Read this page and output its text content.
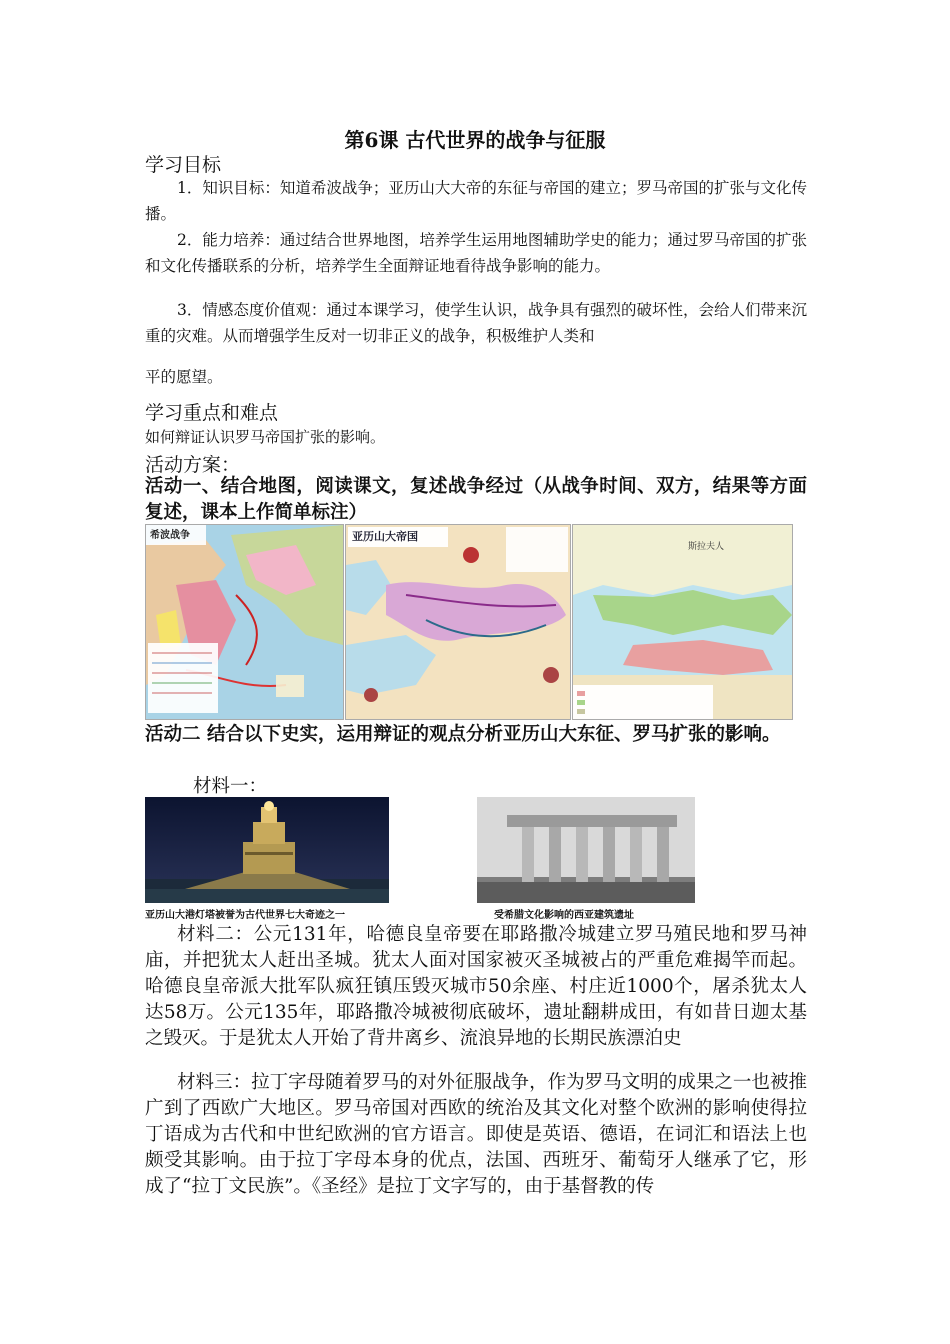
第6课 古代世界的战争与征服
学习目标

1．知识目标：知道希波战争；亚历山大大帝的东征与帝国的建立；罗马帝国的扩张与文化传播。

2．能力培养：通过结合世界地图，培养学生运用地图辅助学史的能力；通过罗马帝国的扩张和文化传播联系的分析，培养学生全面辩证地看待战争影响的能力。

3．情感态度价值观：通过本课学习，使学生认识，战争具有强烈的破坏性，会给人们带来沉重的灾难。从而增强学生反对一切非正义的战争，积极维护人类和

平的愿望。

学习重点和难点

如何辩证认识罗马帝国扩张的影响。

活动方案：

活动一、结合地图，阅读课文，复述战争经过（从战争时间、双方，结果等方面复述，课本上作简单标注）

希波战争	亚历山大帝国
斯拉夫人

活动二 结合以下史实，运用辩证的观点分析亚历山大东征、罗马扩张的影响。

材料一：
亚历山大港灯塔被誉为古代世界七大奇迹之一	受希腊文化影响的西亚建筑遗址

材料二：公元131年，哈德良皇帝要在耶路撒冷城建立罗马殖民地和罗马神庙，并把犹太人赶出圣城。犹太人面对国家被灭圣城被占的严重危难揭竿而起。哈德良皇帝派大批军队疯狂镇压毁灭城市50余座、村庄近1000个，屠杀犹太人达58万。公元135年，耶路撒冷城被彻底破坏，遗址翻耕成田，有如昔日迦太基之毁灭。于是犹太人开始了背井离乡、流浪异地的长期民族漂泊史

材料三：拉丁字母随着罗马的对外征服战争，作为罗马文明的成果之一也被推广到了西欧广大地区。罗马帝国对西欧的统治及其文化对整个欧洲的影响使得拉丁语成为古代和中世纪欧洲的官方语言。即使是英语、德语，在词汇和语法上也颇受其影响。由于拉丁字母本身的优点，法国、西班牙、葡萄牙人继承了它，形成了“拉丁文民族”。《圣经》是拉丁文字写的，由于基督教的传
